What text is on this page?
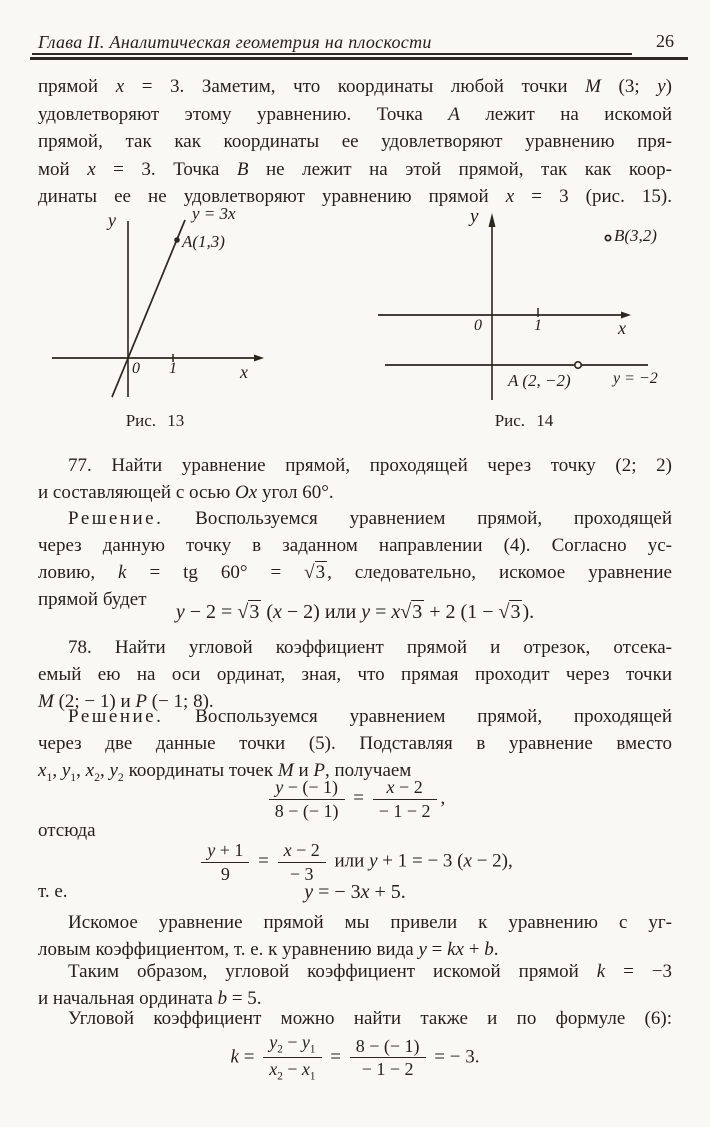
Глава II. Аналитическая геометрия на плоскости	26
прямой x = 3. Заметим, что координаты любой точки M (3; y)
удовлетворяют этому уравнению. Точка A лежит на искомой
прямой, так как координаты ее удовлетворяют уравнению пря-
мой x = 3. Точка B не лежит на этой прямой, так как коор-
динаты ее не удовлетворяют уравнению прямой x = 3 (рис. 15).
y	y = 3x
A(1,3)
0 1	x
Рис. 13
y
B(3,2)
0	1	x
A (2, −2)	y = −2
Рис. 14
77. Найти уравнение прямой, проходящей через точку (2; 2)
и составляющей с осью Ox угол 60°.
Решение. Воспользуемся уравнением прямой, проходящей
через данную точку в заданном направлении (4). Согласно ус-
ловию, k = tg 60° = √3 , следовательно, искомое уравнение
прямой будет
y − 2 = √3 (x − 2) или y = x√3 + 2 (1 − √3 ).
78. Найти угловой коэффициент прямой и отрезок, отсека-
емый ею на оси ординат, зная, что прямая проходит через точки
M (2; − 1) и P (− 1; 8).
Решение. Воспользуемся уравнением прямой, проходящей
через две данные точки (5). Подставляя в уравнение вместо
$x_1$, $y_1$, $x_2$, $y_2$ координаты точек M и P, получаем
$\frac{y - (- 1)}{8 - (- 1)} = \frac{x - 2}{- 1 - 2}$ ,
отсюда
$\frac{y + 1}{9} = \frac{x - 2}{- 3}$ или y + 1 = − 3 (x − 2),
т. е.	y = − 3x + 5.
Искомое уравнение прямой мы привели к уравнению с уг-
ловым коэффициентом, т. е. к уравнению вида y = kx + b.
Таким образом, угловой коэффициент искомой прямой k = −3
и начальная ордината b = 5.
Угловой коэффициент можно найти также и по формуле (6):
$k = \frac{y_2 - y_1}{x_2 - x_1} = \frac{8 - (- 1)}{- 1 - 2}$ = − 3.
